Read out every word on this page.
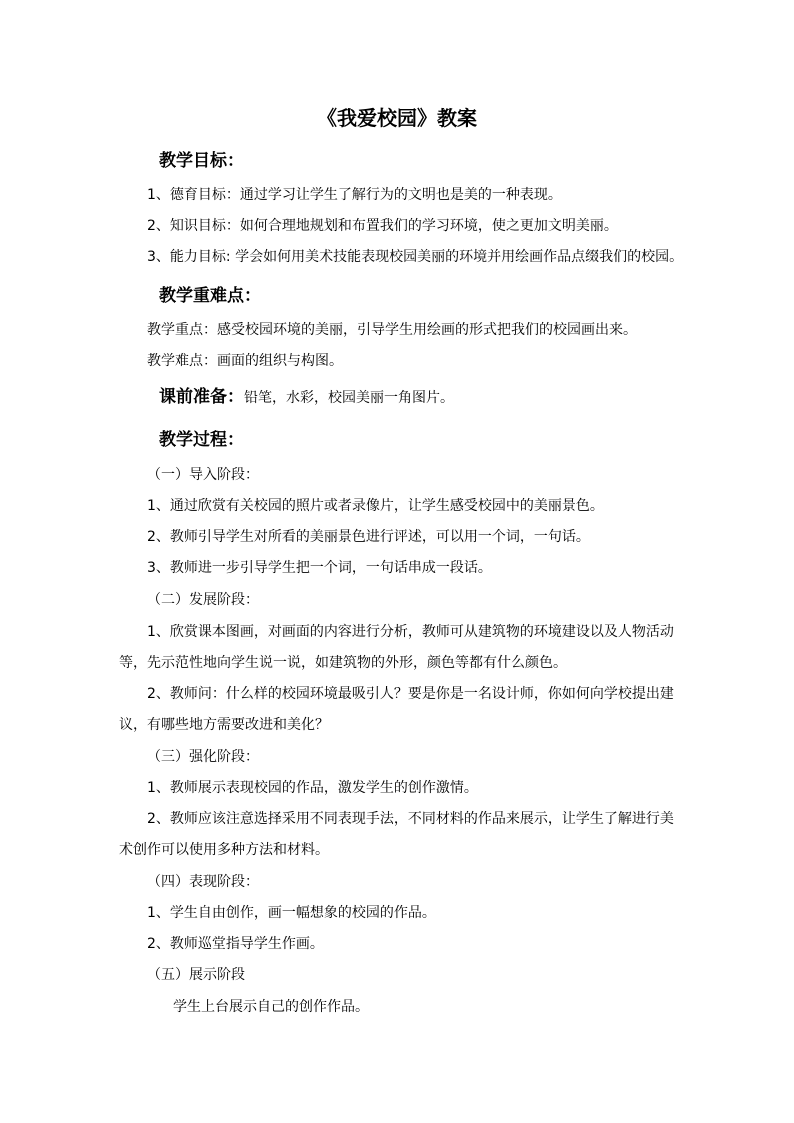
《我爱校园》教案
教学目标：
1、德育目标：通过学习让学生了解行为的文明也是美的一种表现。
2、知识目标：如何合理地规划和布置我们的学习环境，使之更加文明美丽。
3、能力目标: 学会如何用美术技能表现校园美丽的环境并用绘画作品点缀我们的校园。
教学重难点：
教学重点：感受校园环境的美丽，引导学生用绘画的形式把我们的校园画出来。
教学难点：画面的组织与构图。
课前准备：铅笔，水彩，校园美丽一角图片。
教学过程：
（一）导入阶段：
1、通过欣赏有关校园的照片或者录像片，让学生感受校园中的美丽景色。
2、教师引导学生对所看的美丽景色进行评述，可以用一个词，一句话。
3、教师进一步引导学生把一个词，一句话串成一段话。
（二）发展阶段：
1、欣赏课本图画，对画面的内容进行分析，教师可从建筑物的环境建设以及人物活动
等，先示范性地向学生说一说，如建筑物的外形，颜色等都有什么颜色。
2、教师问：什么样的校园环境最吸引人？要是你是一名设计师，你如何向学校提出建
议，有哪些地方需要改进和美化？
（三）强化阶段：
1、教师展示表现校园的作品，激发学生的创作激情。
2、教师应该注意选择采用不同表现手法，不同材料的作品来展示，让学生了解进行美
术创作可以使用多种方法和材料。
（四）表现阶段：
1、学生自由创作，画一幅想象的校园的作品。
2、教师巡堂指导学生作画。
（五）展示阶段
学生上台展示自己的创作作品。
